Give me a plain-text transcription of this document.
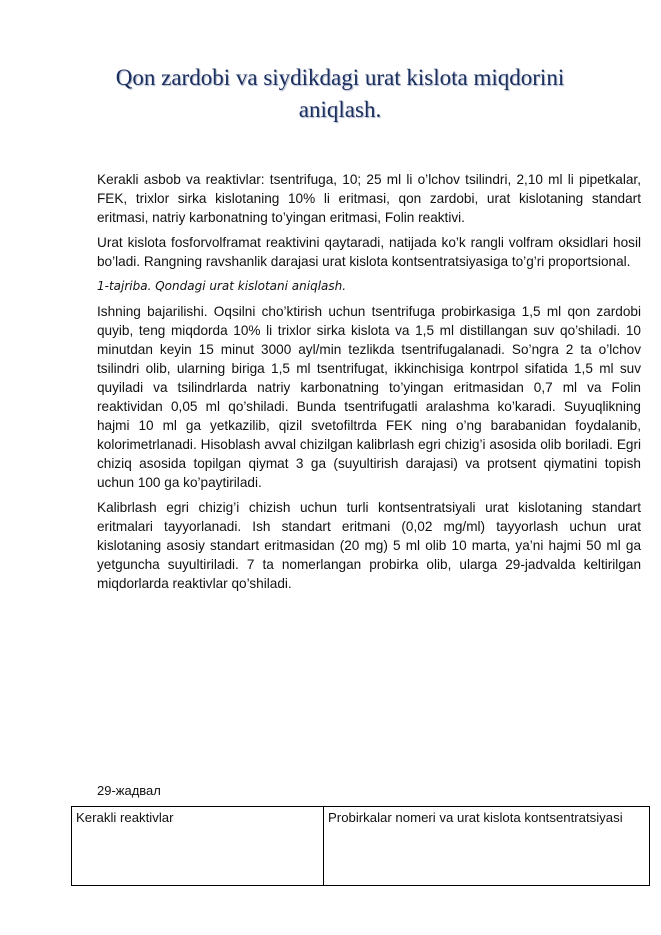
Qon zardobi va siydikdagi urat kislota miqdorini
aniqlash.

Kerakli asbob va reaktivlar: tsentrifuga, 10; 25 ml li o’lchov tsilindri, 2,10 ml li pipetkalar, FEK, trixlor sirka kislotaning 10% li eritmasi, qon zardobi, urat kislotaning standart eritmasi, natriy karbonatning to’yingan eritmasi, Folin reaktivi.

Urat kislota fosforvolframat reaktivini qaytaradi, natijada ko’k rangli volfram oksidlari hosil bo’ladi. Rangning ravshanlik darajasi urat kislota kontsentratsiyasiga to’g’ri proportsional.

1-tajriba. Qondagi urat kislotani aniqlash.

Ishning bajarilishi. Oqsilni cho’ktirish uchun tsentrifuga probirkasiga 1,5 ml qon zardobi quyib, teng miqdorda 10% li trixlor sirka kislota va 1,5 ml distillangan suv qo’shiladi. 10 minutdan keyin 15 minut 3000 ayl/min tezlikda tsentrifugalanadi. So’ngra 2 ta o’lchov tsilindri olib, ularning biriga 1,5 ml tsentrifugat, ikkinchisiga kontrpol sifatida 1,5 ml suv quyiladi va tsilindrlarda natriy karbonatning to’yingan eritmasidan 0,7 ml va Folin reaktividan 0,05 ml qo’shiladi. Bunda tsentrifugatli aralashma ko’karadi. Suyuqlikning hajmi 10 ml ga yetkazilib, qizil svetofiltrda FEK ning o’ng barabanidan foydalanib, kolorimetrlanadi. Hisoblash avval chizilgan kalibrlash egri chizig’i asosida olib boriladi. Egri chiziq asosida topilgan qiymat 3 ga (suyultirish darajasi) va protsent qiymatini topish uchun 100 ga ko’paytiriladi.

Kalibrlash egri chizig’i chizish uchun turli kontsentratsiyali urat kislotaning standart eritmalari tayyorlanadi. Ish standart eritmani (0,02 mg/ml) tayyorlash uchun urat kislotaning asosiy standart eritmasidan (20 mg) 5 ml olib 10 marta, ya’ni hajmi 50 ml ga yetguncha suyultiriladi. 7 ta nomerlangan probirka olib, ularga 29-jadvalda keltirilgan miqdorlarda reaktivlar qo’shiladi.

29-жадвал

Kerakli reaktivlar	Probirkalar nomeri va urat kislota kontsentratsiyasi
